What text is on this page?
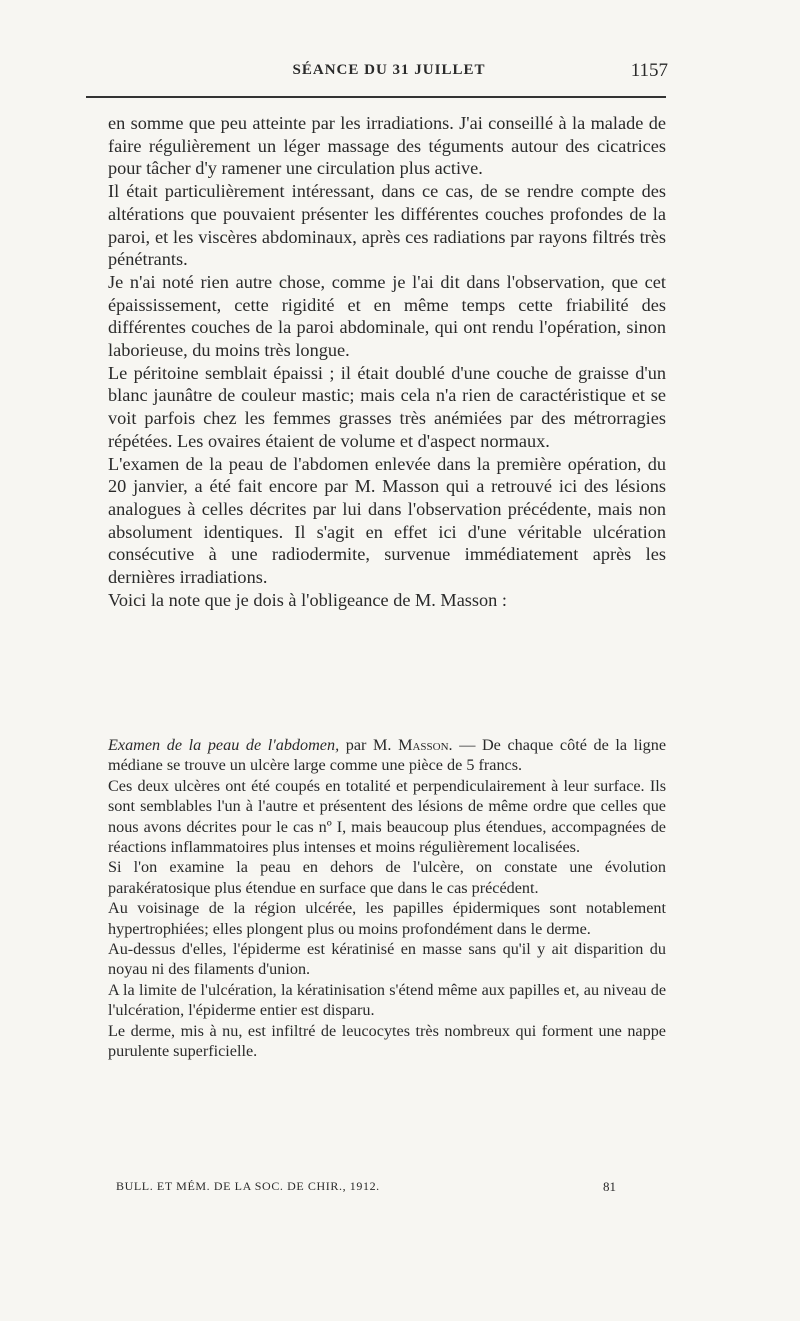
SÉANCE DU 31 JUILLET	1157

en somme que peu atteinte par les irradiations. J'ai conseillé à la malade de faire régulièrement un léger massage des téguments autour des cicatrices pour tâcher d'y ramener une circulation plus active.

Il était particulièrement intéressant, dans ce cas, de se rendre compte des altérations que pouvaient présenter les différentes couches profondes de la paroi, et les viscères abdominaux, après ces radiations par rayons filtrés très pénétrants.

Je n'ai noté rien autre chose, comme je l'ai dit dans l'observation, que cet épaississement, cette rigidité et en même temps cette friabilité des différentes couches de la paroi abdominale, qui ont rendu l'opération, sinon laborieuse, du moins très longue.

Le péritoine semblait épaissi ; il était doublé d'une couche de graisse d'un blanc jaunâtre de couleur mastic; mais cela n'a rien de caractéristique et se voit parfois chez les femmes grasses très anémiées par des métrorragies répétées. Les ovaires étaient de volume et d'aspect normaux.

L'examen de la peau de l'abdomen enlevée dans la première opération, du 20 janvier, a été fait encore par M. Masson qui a retrouvé ici des lésions analogues à celles décrites par lui dans l'observation précédente, mais non absolument identiques. Il s'agit en effet ici d'une véritable ulcération consécutive à une radiodermite, survenue immédiatement après les dernières irradiations.

Voici la note que je dois à l'obligeance de M. Masson :

Examen de la peau de l'abdomen, par M. Masson. — De chaque côté de la ligne médiane se trouve un ulcère large comme une pièce de 5 francs.

Ces deux ulcères ont été coupés en totalité et perpendiculairement à leur surface. Ils sont semblables l'un à l'autre et présentent des lésions de même ordre que celles que nous avons décrites pour le cas nº I, mais beaucoup plus étendues, accompagnées de réactions inflammatoires plus intenses et moins régulièrement localisées.

Si l'on examine la peau en dehors de l'ulcère, on constate une évolution parakératosique plus étendue en surface que dans le cas précédent.

Au voisinage de la région ulcérée, les papilles épidermiques sont notablement hypertrophiées; elles plongent plus ou moins profondément dans le derme.

Au-dessus d'elles, l'épiderme est kératinisé en masse sans qu'il y ait disparition du noyau ni des filaments d'union.

A la limite de l'ulcération, la kératinisation s'étend même aux papilles et, au niveau de l'ulcération, l'épiderme entier est disparu.

Le derme, mis à nu, est infiltré de leucocytes très nombreux qui forment une nappe purulente superficielle.

BULL. ET MÉM. DE LA SOC. DE CHIR., 1912.	81
